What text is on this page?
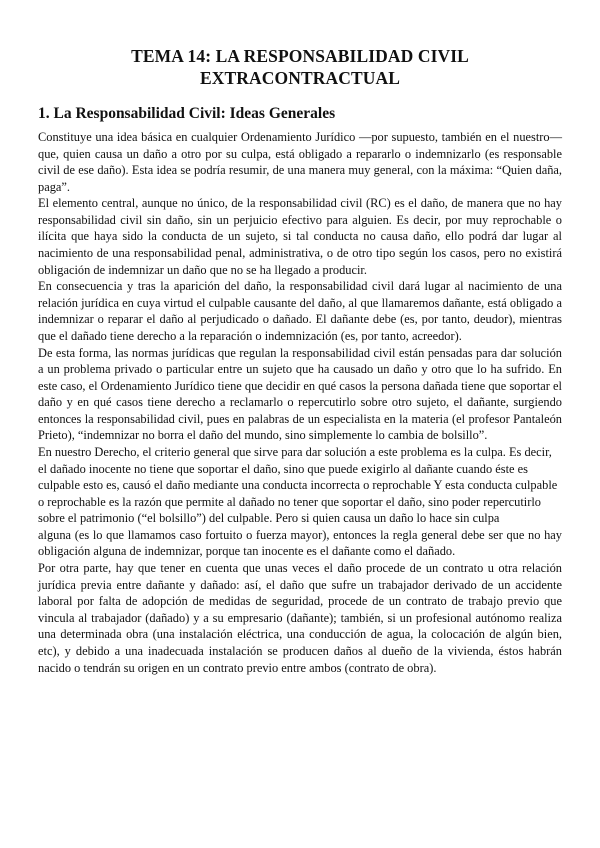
TEMA 14: LA RESPONSABILIDAD CIVIL
EXTRACONTRACTUAL
1. La Responsabilidad Civil: Ideas Generales

Constituye una idea básica en cualquier Ordenamiento Jurídico —por supuesto, también en el nuestro— que, quien causa un daño a otro por su culpa, está obligado a repararlo o indemnizarlo (es responsable civil de ese daño). Esta idea se podría resumir, de una manera muy general, con la máxima: “Quien daña, paga”.

El elemento central, aunque no único, de la responsabilidad civil (RC) es el daño, de manera que no hay responsabilidad civil sin daño, sin un perjuicio efectivo para alguien. Es decir, por muy reprochable o ilícita que haya sido la conducta de un sujeto, si tal conducta no causa daño, ello podrá dar lugar al nacimiento de una responsabilidad penal, administrativa, o de otro tipo según los casos, pero no existirá obligación de indemnizar un daño que no se ha llegado a producir.

En consecuencia y tras la aparición del daño, la responsabilidad civil dará lugar al nacimiento de una relación jurídica en cuya virtud el culpable causante del daño, al que llamaremos dañante, está obligado a indemnizar o reparar el daño al perjudicado o dañado. El dañante debe (es, por tanto, deudor), mientras que el dañado tiene derecho a la reparación o indemnización (es, por tanto, acreedor).

De esta forma, las normas jurídicas que regulan la responsabilidad civil están pensadas para dar solución a un problema privado o particular entre un sujeto que ha causado un daño y otro que lo ha sufrido. En este caso, el Ordenamiento Jurídico tiene que decidir en qué casos la persona dañada tiene que soportar el daño y en qué casos tiene derecho a reclamarlo o repercutirlo sobre otro sujeto, el dañante, surgiendo entonces la responsabilidad civil, pues en palabras de un especialista en la materia (el profesor Pantaleón Prieto), “indemnizar no borra el daño del mundo, sino simplemente lo cambia de bolsillo”.

En nuestro Derecho, el criterio general que sirve para dar solución a este problema es la culpa. Es decir, el dañado inocente no tiene que soportar el daño, sino que puede exigirlo al dañante cuando éste es culpable esto es, causó el daño mediante una conducta incorrecta o reprochable Y esta conducta culpable o reprochable es la razón que permite al dañado no tener que soportar el daño, sino poder repercutirlo sobre el patrimonio (“el bolsillo”) del culpable. Pero si quien causa un daño lo hace sin culpa

alguna (es lo que llamamos caso fortuito o fuerza mayor), entonces la regla general debe ser que no hay obligación alguna de indemnizar, porque tan inocente es el dañante como el dañado.

Por otra parte, hay que tener en cuenta que unas veces el daño procede de un contrato u otra relación jurídica previa entre dañante y dañado: así, el daño que sufre un trabajador derivado de un accidente laboral por falta de adopción de medidas de seguridad, procede de un contrato de trabajo previo que vincula al trabajador (dañado) y a su empresario (dañante); también, si un profesional autónomo realiza una determinada obra (una instalación eléctrica, una conducción de agua, la colocación de algún bien, etc), y debido a una inadecuada instalación se producen daños al dueño de la vivienda, éstos habrán nacido o tendrán su origen en un contrato previo entre ambos (contrato de obra).
